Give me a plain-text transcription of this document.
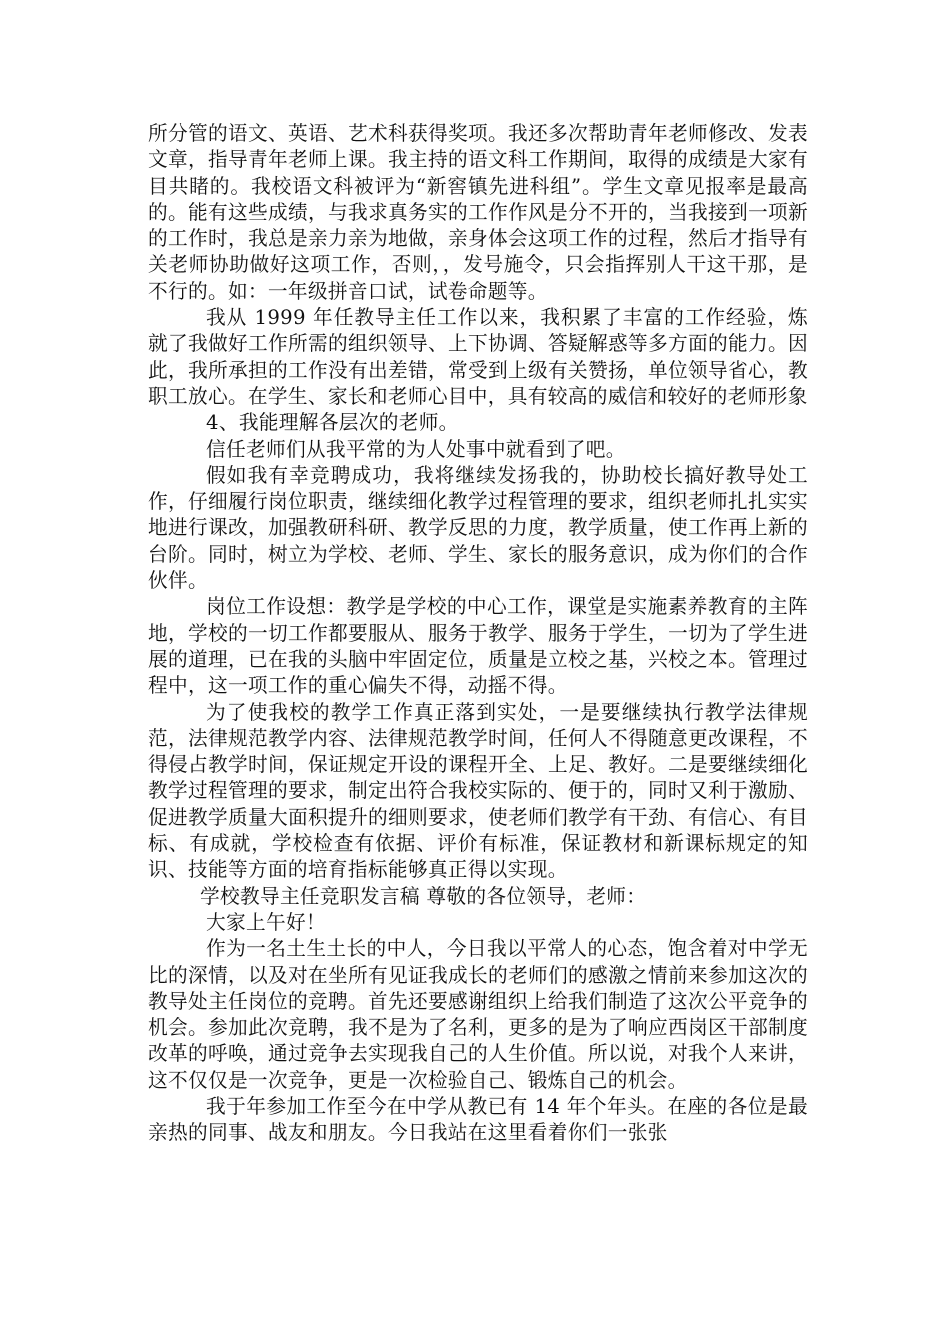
所分管的语文、英语、艺术科获得奖项。我还多次帮助青年老师修改、发表文章，指导青年老师上课。我主持的语文科工作期间，取得的成绩是大家有目共睹的。我校语文科被评为“新窖镇先进科组”。学生文章见报率是最高的。能有这些成绩，与我求真务实的工作作风是分不开的，当我接到一项新的工作时，我总是亲力亲为地做，亲身体会这项工作的过程，然后才指导有关老师协助做好这项工作，否则，，发号施令，只会指挥别人干这干那，是不行的。如：一年级拼音口试，试卷命题等。

我从 1999 年任教导主任工作以来，我积累了丰富的工作经验，炼就了我做好工作所需的组织领导、上下协调、答疑解惑等多方面的能力。因此，我所承担的工作没有出差错，常受到上级有关赞扬，单位领导省心，教职工放心。在学生、家长和老师心目中，具有较高的威信和较好的老师形象

4、我能理解各层次的老师。

信任老师们从我平常的为人处事中就看到了吧。

假如我有幸竞聘成功，我将继续发扬我的，协助校长搞好教导处工作，仔细履行岗位职责，继续细化教学过程管理的要求，组织老师扎扎实实地进行课改，加强教研科研、教学反思的力度，教学质量，使工作再上新的台阶。同时，树立为学校、老师、学生、家长的服务意识，成为你们的合作伙伴。

岗位工作设想：教学是学校的中心工作，课堂是实施素养教育的主阵地，学校的一切工作都要服从、服务于教学、服务于学生，一切为了学生进展的道理，已在我的头脑中牢固定位，质量是立校之基，兴校之本。管理过程中，这一项工作的重心偏失不得，动摇不得。

为了使我校的教学工作真正落到实处，一是要继续执行教学法律规范，法律规范教学内容、法律规范教学时间，任何人不得随意更改课程，不得侵占教学时间，保证规定开设的课程开全、上足、教好。二是要继续细化教学过程管理的要求，制定出符合我校实际的、便于的，同时又利于激励、促进教学质量大面积提升的细则要求，使老师们教学有干劲、有信心、有目标、有成就，学校检查有依据、评价有标准，保证教材和新课标规定的知识、技能等方面的培育指标能够真正得以实现。

学校教导主任竞职发言稿 尊敬的各位领导，老师：

大家上午好！

作为一名土生土长的中人，今日我以平常人的心态，饱含着对中学无比的深情，以及对在坐所有见证我成长的老师们的感激之情前来参加这次的教导处主任岗位的竞聘。首先还要感谢组织上给我们制造了这次公平竞争的机会。参加此次竞聘，我不是为了名利，更多的是为了响应西岗区干部制度改革的呼唤，通过竞争去实现我自己的人生价值。所以说，对我个人来讲，这不仅仅是一次竞争，更是一次检验自己、锻炼自己的机会。

我于年参加工作至今在中学从教已有 14 年个年头。在座的各位是最亲热的同事、战友和朋友。今日我站在这里看着你们一张张
